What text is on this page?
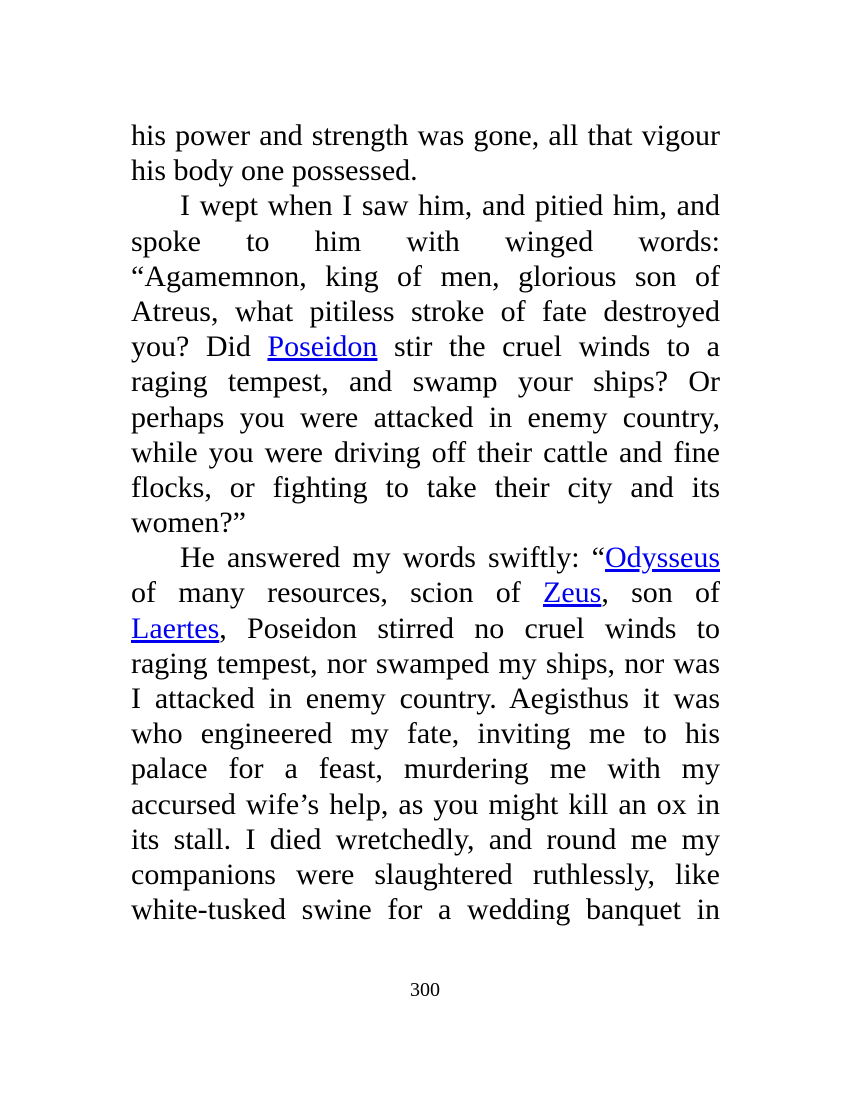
his power and strength was gone, all that vigour
his body one possessed.
I wept when I saw him, and pitied him, and
spoke to him with winged words:
“Agamemnon, king of men, glorious son of
Atreus, what pitiless stroke of fate destroyed
you? Did Poseidon stir the cruel winds to a
raging tempest, and swamp your ships? Or
perhaps you were attacked in enemy country,
while you were driving off their cattle and fine
flocks, or fighting to take their city and its
women?”
He answered my words swiftly: “Odysseus
of many resources, scion of Zeus, son of
Laertes, Poseidon stirred no cruel winds to
raging tempest, nor swamped my ships, nor was
I attacked in enemy country. Aegisthus it was
who engineered my fate, inviting me to his
palace for a feast, murdering me with my
accursed wife’s help, as you might kill an ox in
its stall. I died wretchedly, and round me my
companions were slaughtered ruthlessly, like
white-tusked swine for a wedding banquet in
300
